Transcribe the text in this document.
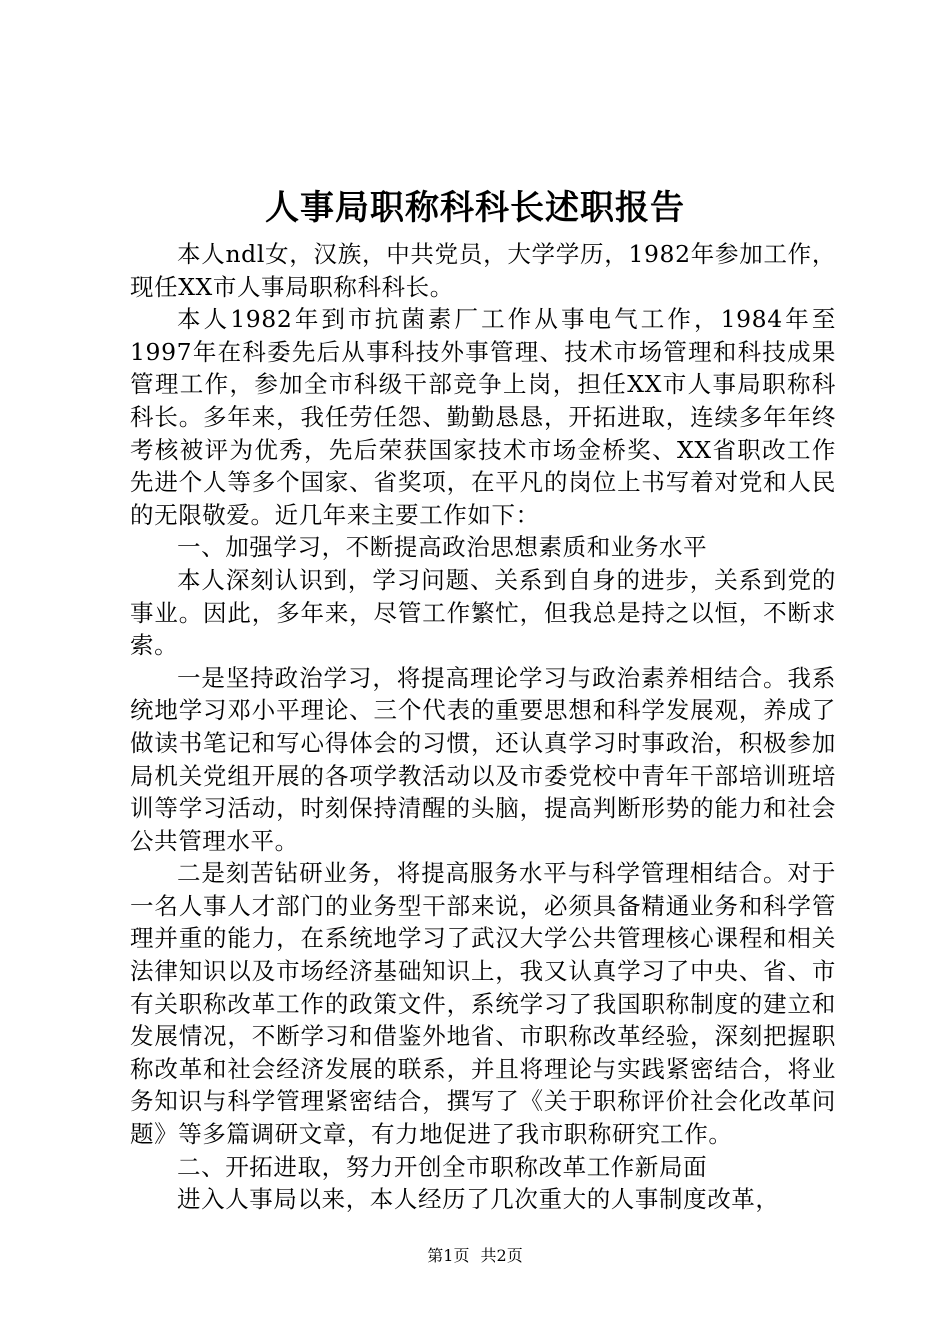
人事局职称科科长述职报告

本人ndl女，汉族，中共党员，大学学历，1982年参加工作，现任XX市人事局职称科科长。

本人1982年到市抗菌素厂工作从事电气工作，1984年至1997年在科委先后从事科技外事管理、技术市场管理和科技成果管理工作，参加全市科级干部竞争上岗，担任XX市人事局职称科科长。多年来，我任劳任怨、勤勤恳恳，开拓进取，连续多年年终考核被评为优秀，先后荣获国家技术市场金桥奖、XX省职改工作先进个人等多个国家、省奖项，在平凡的岗位上书写着对党和人民的无限敬爱。近几年来主要工作如下：

一、加强学习，不断提高政治思想素质和业务水平

本人深刻认识到，学习问题、关系到自身的进步，关系到党的事业。因此，多年来，尽管工作繁忙，但我总是持之以恒，不断求索。

一是坚持政治学习，将提高理论学习与政治素养相结合。我系统地学习邓小平理论、三个代表的重要思想和科学发展观，养成了做读书笔记和写心得体会的习惯，还认真学习时事政治，积极参加局机关党组开展的各项学教活动以及市委党校中青年干部培训班培训等学习活动，时刻保持清醒的头脑，提高判断形势的能力和社会公共管理水平。

二是刻苦钻研业务，将提高服务水平与科学管理相结合。对于一名人事人才部门的业务型干部来说，必须具备精通业务和科学管理并重的能力，在系统地学习了武汉大学公共管理核心课程和相关法律知识以及市场经济基础知识上，我又认真学习了中央、省、市有关职称改革工作的政策文件，系统学习了我国职称制度的建立和发展情况，不断学习和借鉴外地省、市职称改革经验，深刻把握职称改革和社会经济发展的联系，并且将理论与实践紧密结合，将业务知识与科学管理紧密结合，撰写了《关于职称评价社会化改革问题》等多篇调研文章，有力地促进了我市职称研究工作。

二、开拓进取，努力开创全市职称改革工作新局面

进入人事局以来，本人经历了几次重大的人事制度改革，

第1页 共2页
